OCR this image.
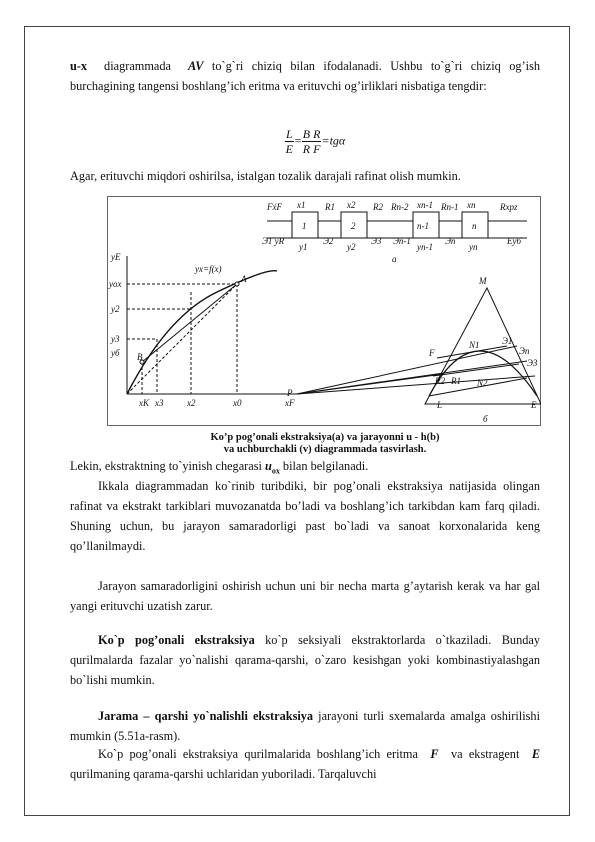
u-x  diagrammada  AV to`g`ri chiziq bilan ifodalanadi. Ushbu to`g`ri chiziq og’ish burchagining tangensi boshlang’ich eritma va erituvchi og’irliklari nisbatiga tengdir:

$\frac{L}{E} = \frac{\text{B R}}{\text{R F}} =tg\alpha$

Agar, erituvchi miqdori oshirilsa, istalgan tozalik darajali rafinat olish mumkin.

1	2	n-1	n
Fx́F x1 R1 x2 R2 Rn-2 xn-1 Rn-1 xn	Rxpz
Э1 yR
y1
Э2
y2
Э3 Эn-1
yn-1
Эn
yn
Eyб
a
yE
yox
y2
y3
yб
xK x3	x2	x0	xF
yx=f(x)
A
B
M
F
N1 Э1
Эп
Э3
R2 R1 N2
P
L	E
б
Ko’p pog’onali ekstraksiya(a) va jarayonni u - h(b)
va uchburchakli (v) diagrammada tasvirlash.

Lekin, ekstraktning to`yinish chegarasi $u_{ox}$ bilan belgilanadi.

Ikkala diagrammadan ko`rinib turibdiki, bir pog’onali ekstraksiya natijasida olingan rafinat va ekstrakt tarkiblari muvozanatda bo’ladi va boshlang’ich tarkibdan kam farq qiladi. Shuning uchun, bu jarayon samaradorligi past bo`ladi va sanoat korxonalarida keng qo’llanilmaydi.

Jarayon samaradorligini oshirish uchun uni bir necha marta g’aytarish kerak va har gal yangi erituvchi uzatish zarur.

Ko`p pog’onali ekstraksiya ko`p seksiyali ekstraktorlarda o`tkaziladi. Bunday qurilmalarda fazalar yo`nalishi qarama-qarshi, o`zaro kesishgan yoki kombinastiyalashgan bo`lishi mumkin.

Jarama – qarshi yo`nalishli ekstraksiya jarayoni turli sxemalarda amalga oshirilishi mumkin (5.51a-rasm).

Ko`p pog’onali ekstraksiya qurilmalarida boshlang’ich eritma  F  va ekstragent  E  qurilmaning qarama-qarshi uchlaridan yuboriladi. Tarqaluvchi
